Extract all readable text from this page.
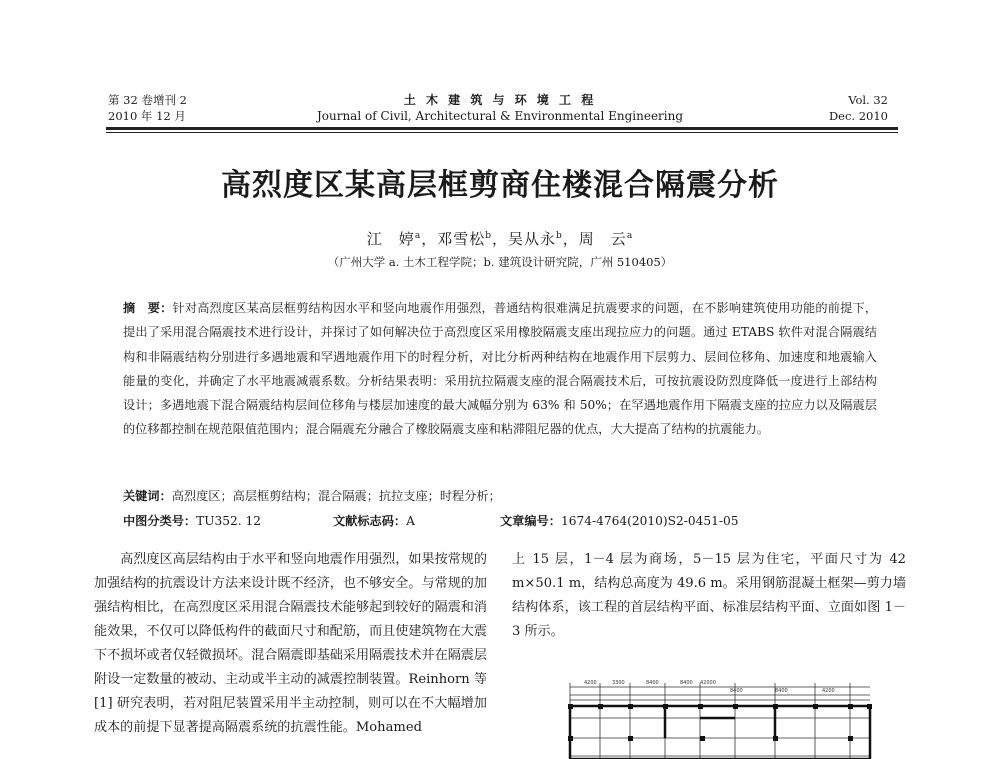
第 32 卷增刊 2
2010 年 12 月
土 木 建 筑 与 环 境 工 程
Journal of Civil, Architectural & Environmental Engineering
Vol. 32
Dec. 2010
高烈度区某高层框剪商住楼混合隔震分析
江　婷$^a$，邓雪松$^b$，吴从永$^b$，周　云$^a$
（广州大学 a. 土木工程学院；b. 建筑设计研究院，广州 510405）
摘　要：针对高烈度区某高层框剪结构因水平和竖向地震作用强烈，普通结构很难满足抗震要求的问题，在不影响建筑使用功能的前提下，提出了采用混合隔震技术进行设计，并探讨了如何解决位于高烈度区采用橡胶隔震支座出现拉应力的问题。通过 ETABS 软件对混合隔震结构和非隔震结构分别进行多遇地震和罕遇地震作用下的时程分析，对比分析两种结构在地震作用下层剪力、层间位移角、加速度和地震输入能量的变化，并确定了水平地震减震系数。分析结果表明：采用抗拉隔震支座的混合隔震技术后，可按抗震设防烈度降低一度进行上部结构设计；多遇地震下混合隔震结构层间位移角与楼层加速度的最大减幅分别为 63% 和 50%；在罕遇地震作用下隔震支座的拉应力以及隔震层的位移都控制在规范限值范围内；混合隔震充分融合了橡胶隔震支座和粘滞阻尼器的优点，大大提高了结构的抗震能力。
关键词：高烈度区；高层框剪结构；混合隔震；抗拉支座；时程分析；
中图分类号：TU352. 12	文献标志码：A	文章编号：1674-4764(2010)S2-0451-05

高烈度区高层结构由于水平和竖向地震作用强烈，如果按常规的加强结构的抗震设计方法来设计既不经济，也不够安全。与常规的加强结构相比，在高烈度区采用混合隔震技术能够起到较好的隔震和消能效果，不仅可以降低构件的截面尺寸和配筋，而且使建筑物在大震下不损坏或者仅轻微损坏。混合隔震即基础采用隔震技术并在隔震层附设一定数量的被动、主动或半主动的减震控制装置。Reinhorn 等[1] 研究表明，若对阻尼装置采用半主动控制，则可以在不大幅增加成本的前提下显著提高隔震系统的抗震性能。Mohamed

上 15 层，1－4 层为商场，5－15 层为住宅，平面尺寸为 42 m×50.1 m，结构总高度为 49.6 m。采用钢筋混凝土框架—剪力墙结构体系，该工程的首层结构平面、标准层结构平面、立面如图 1－3 所示。

4200	3300	8400	8400 42000
8400	8400	4200
